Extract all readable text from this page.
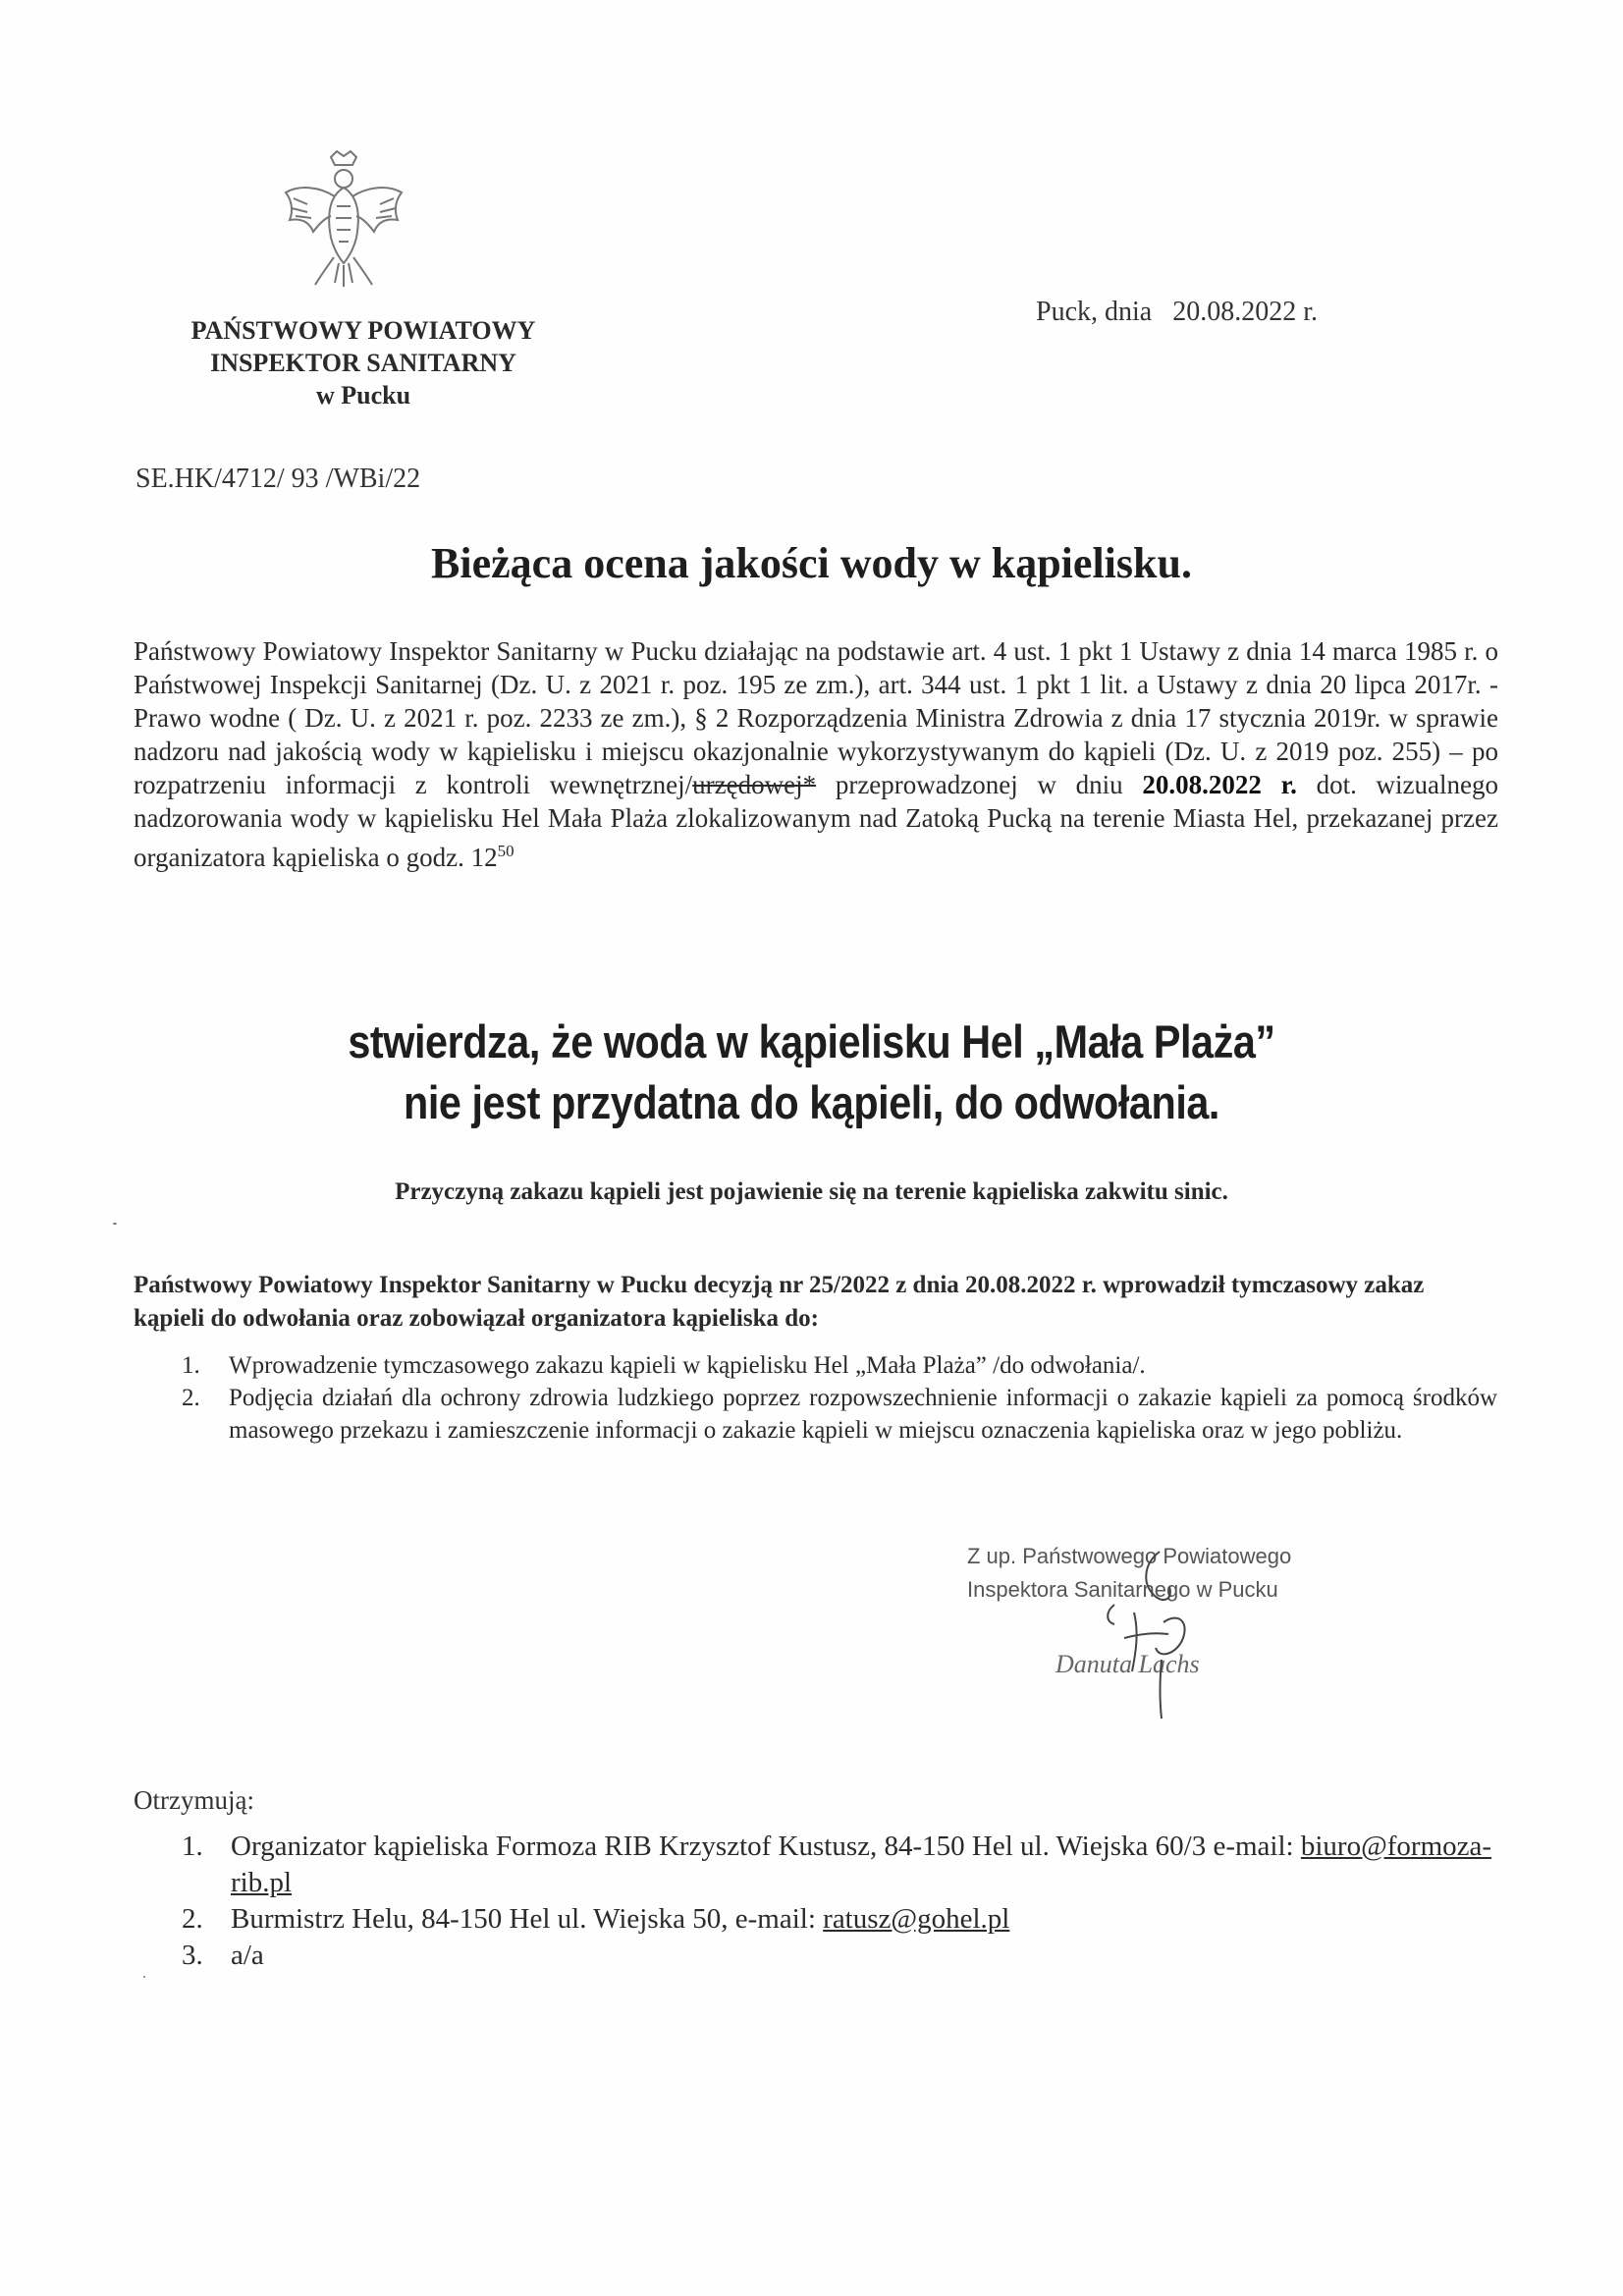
PAŃSTWOWY POWIATOWY
INSPEKTOR SANITARNY
w Pucku
Puck, dnia   20.08.2022 r.
SE.HK/4712/ 93 /WBi/22
Bieżąca ocena jakości wody w kąpielisku.
Państwowy Powiatowy Inspektor Sanitarny w Pucku działając na podstawie art. 4 ust. 1 pkt 1 Ustawy z dnia 14 marca 1985 r. o Państwowej Inspekcji Sanitarnej (Dz. U. z 2021 r. poz. 195 ze zm.), art. 344 ust. 1 pkt 1 lit. a Ustawy z dnia 20 lipca 2017r. - Prawo wodne ( Dz. U. z 2021 r. poz. 2233 ze zm.), § 2 Rozporządzenia Ministra Zdrowia z dnia 17 stycznia 2019r. w sprawie nadzoru nad jakością wody w kąpielisku i miejscu okazjonalnie wykorzystywanym do kąpieli (Dz. U. z 2019 poz. 255) – po rozpatrzeniu informacji z kontroli wewnętrznej/urzędowej* przeprowadzonej w dniu 20.08.2022 r. dot. wizualnego nadzorowania wody w kąpielisku Hel Mała Plaża zlokalizowanym nad Zatoką Pucką na terenie Miasta Hel, przekazanej przez organizatora kąpieliska o godz. $12^{50}$
stwierdza, że woda w kąpielisku Hel „Mała Plaża”
nie jest przydatna do kąpieli, do odwołania.
Przyczyną zakazu kąpieli jest pojawienie się na terenie kąpieliska zakwitu sinic.
Państwowy Powiatowy Inspektor Sanitarny w Pucku decyzją nr 25/2022 z dnia 20.08.2022 r. wprowadził tymczasowy zakaz kąpieli do odwołania oraz zobowiązał organizatora kąpieliska do:
1.	Wprowadzenie tymczasowego zakazu kąpieli w kąpielisku Hel „Mała Plaża” /do odwołania/.
2.	Podjęcia działań dla ochrony zdrowia ludzkiego poprzez rozpowszechnienie informacji o zakazie kąpieli za pomocą środków masowego przekazu i zamieszczenie informacji o zakazie kąpieli w miejscu oznaczenia kąpieliska oraz w jego pobliżu.
Z up. Państwowego Powiatowego
Inspektora Sanitarnego w Pucku
Danuta Lachs
Otrzymują:
1. Organizator kąpieliska Formoza RIB Krzysztof Kustusz, 84-150 Hel ul. Wiejska 60/3 e-mail: biuro@formoza-rib.pl
2. Burmistrz Helu, 84-150 Hel ul. Wiejska 50, e-mail: ratusz@gohel.pl
3. a/a
